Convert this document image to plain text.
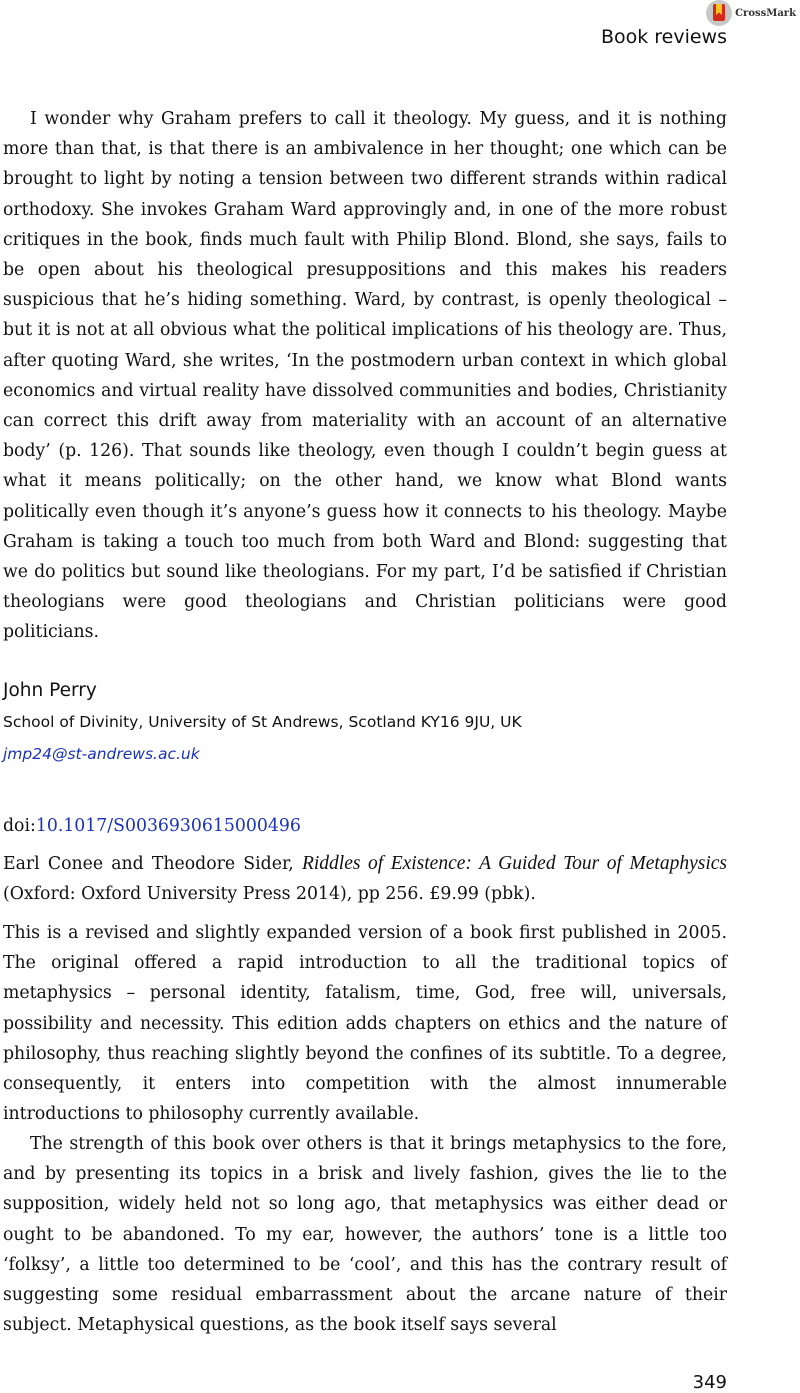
CrossMark
Book reviews

I wonder why Graham prefers to call it theology. My guess, and it is nothing more than that, is that there is an ambivalence in her thought; one which can be brought to light by noting a tension between two different strands within radical orthodoxy. She invokes Graham Ward approvingly and, in one of the more robust critiques in the book, finds much fault with Philip Blond. Blond, she says, fails to be open about his theological presuppositions and this makes his readers suspicious that he’s hiding something. Ward, by contrast, is openly theological – but it is not at all obvious what the political implications of his theology are. Thus, after quoting Ward, she writes, ‘In the postmodern urban context in which global economics and virtual reality have dissolved communities and bodies, Christianity can correct this drift away from materiality with an account of an alternative body’ (p. 126). That sounds like theology, even though I couldn’t begin guess at what it means politically; on the other hand, we know what Blond wants politically even though it’s anyone’s guess how it connects to his theology. Maybe Graham is taking a touch too much from both Ward and Blond: suggesting that we do politics but sound like theologians. For my part, I’d be satisfied if Christian theologians were good theologians and Christian politicians were good politicians.

John Perry
School of Divinity, University of St Andrews, Scotland KY16 9JU, UK
jmp24@st-andrews.ac.uk
doi:10.1017/S0036930615000496

Earl Conee and Theodore Sider, Riddles of Existence: A Guided Tour of Metaphysics (Oxford: Oxford University Press 2014), pp 256. £9.99 (pbk).

This is a revised and slightly expanded version of a book first published in 2005. The original offered a rapid introduction to all the traditional topics of metaphysics – personal identity, fatalism, time, God, free will, universals, possibility and necessity. This edition adds chapters on ethics and the nature of philosophy, thus reaching slightly beyond the confines of its subtitle. To a degree, consequently, it enters into competition with the almost innumerable introductions to philosophy currently available.

The strength of this book over others is that it brings metaphysics to the fore, and by presenting its topics in a brisk and lively fashion, gives the lie to the supposition, widely held not so long ago, that metaphysics was either dead or ought to be abandoned. To my ear, however, the authors’ tone is a little too ‘folksy’, a little too determined to be ‘cool’, and this has the contrary result of suggesting some residual embarrassment about the arcane nature of their subject. Metaphysical questions, as the book itself says several

349
